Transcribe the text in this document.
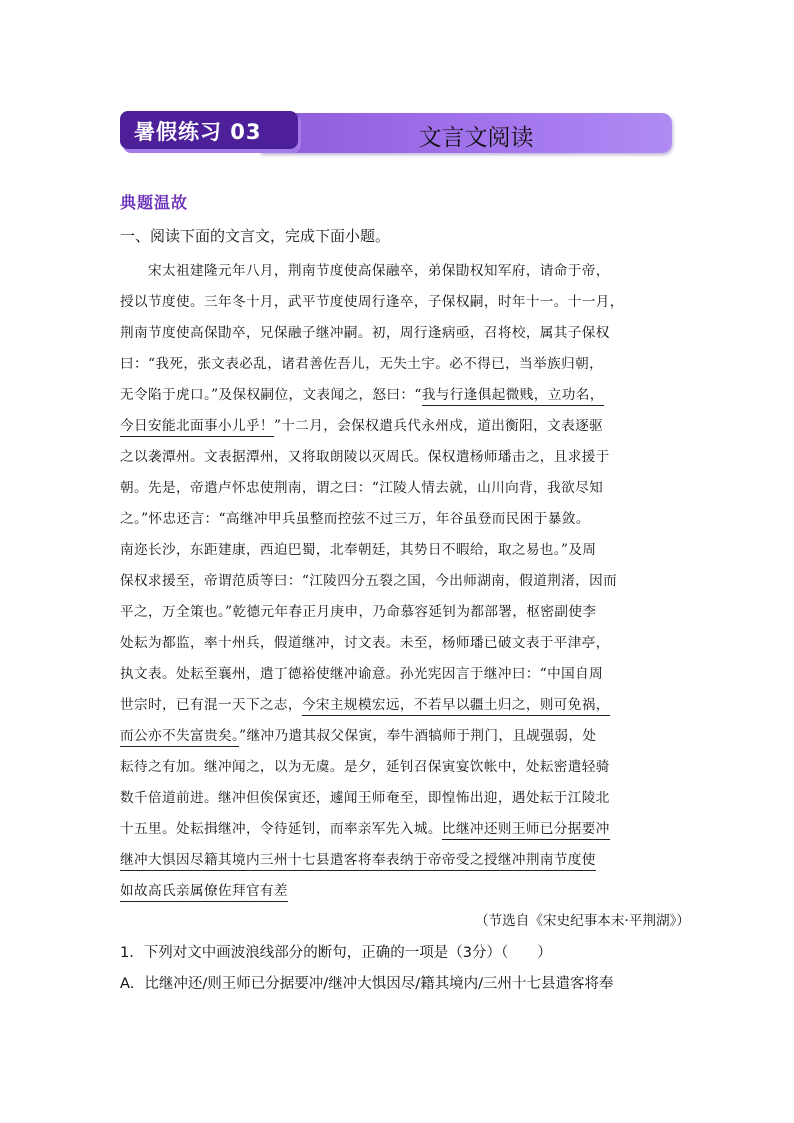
文言文阅读
暑假练习 03
典题温故
一、阅读下面的文言文，完成下面小题。
　　宋太祖建隆元年八月，荆南节度使高保融卒，弟保勖权知军府，请命于帝，
授以节度使。三年冬十月，武平节度使周行逢卒，子保权嗣，时年十一。十一月，
荆南节度使高保勖卒，兄保融子继冲嗣。初，周行逢病亟，召将校，属其子保权
曰：“我死，张文表必乱，诸君善佐吾儿，无失土宇。必不得已，当举族归朝，
无令陷于虎口。”及保权嗣位，文表闻之，怒曰：“我与行逢俱起微贱，立功名，
今日安能北面事小儿乎！”十二月，会保权遣兵代永州戍，道出衡阳，文表逐驱
之以袭潭州。文表据潭州，又将取朗陵以灭周氏。保权遣杨师璠击之，且求援于
朝。先是，帝遣卢怀忠使荆南，谓之曰：“江陵人情去就，山川向背，我欲尽知
之。”怀忠还言：“高继冲甲兵虽整而控弦不过三万，年谷虽登而民困于暴敛。
南迩长沙，东距建康，西迫巴蜀，北奉朝廷，其势日不暇给，取之易也。”及周
保权求援至，帝谓范质等曰：“江陵四分五裂之国，今出师湖南，假道荆渚，因而
平之，万全策也。”乾德元年春正月庚申，乃命慕容延钊为都部署，枢密副使李
处耘为都监，率十州兵，假道继冲，讨文表。未至，杨师璠已破文表于平津亭，
执文表。处耘至襄州，遣丁德裕使继冲谕意。孙光宪因言于继冲曰：“中国自周
世宗时，已有混一天下之志，今宋主规模宏远，不若早以疆土归之，则可免祸，
而公亦不失富贵矣。”继冲乃遣其叔父保寅，奉牛酒犒师于荆门，且觇强弱，处
耘待之有加。继冲闻之，以为无虞。是夕，延钊召保寅宴饮帐中，处耘密遣轻骑
数千倍道前进。继冲但俟保寅还，遽闻王师奄至，即惶怖出迎，遇处耘于江陵北
十五里。处耘揖继冲，令待延钊，而率亲军先入城。比继冲还则王师已分据要冲
继冲大惧因尽籍其境内三州十七县遣客将奉表纳于帝帝受之授继冲荆南节度使
如故高氏亲属僚佐拜官有差
（节选自《宋史纪事本末·平荆湖》）
1．下列对文中画波浪线部分的断句，正确的一项是（3分）（　　）
A．比继冲还/则王师已分据要冲/继冲大惧因尽/籍其境内/三州十七县遣客将奉
